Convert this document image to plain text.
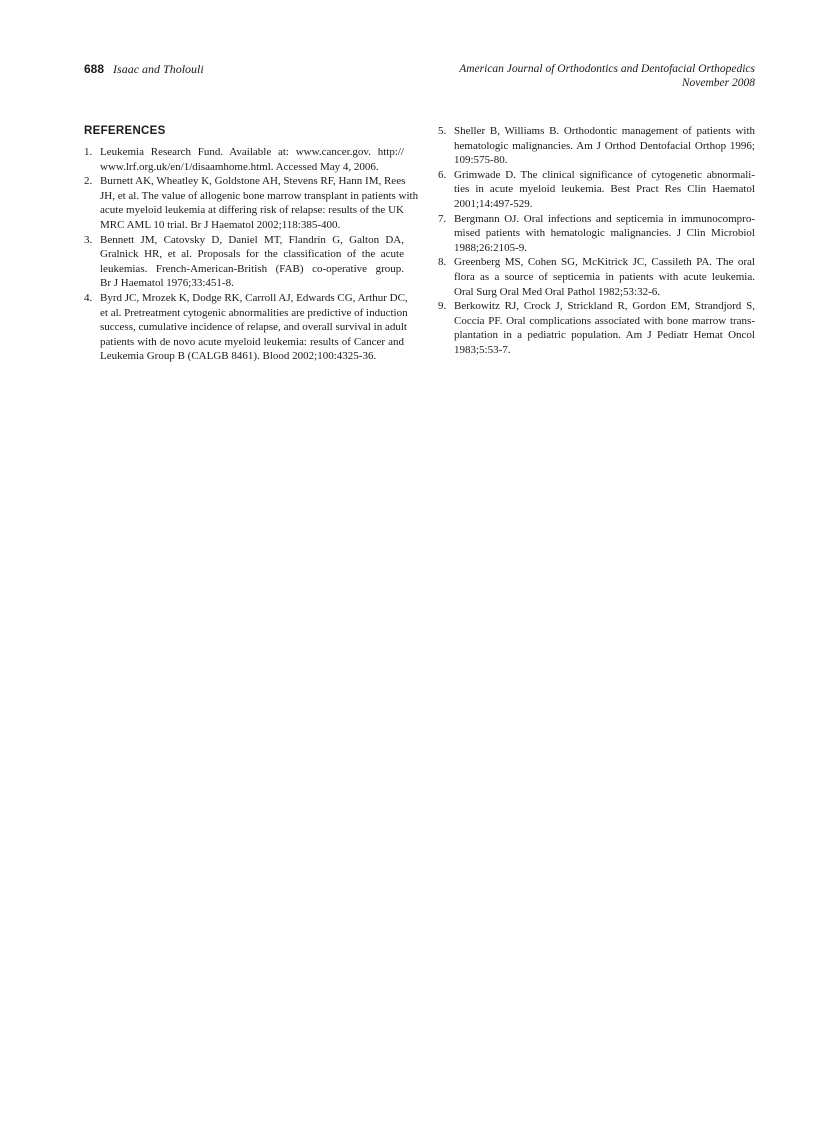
688 Isaac and Tholouli	American Journal of Orthodontics and Dentofacial Orthopedics
November 2008
REFERENCES
1. Leukemia Research Fund. Available at: www.cancer.gov. http://
www.lrf.org.uk/en/1/disaamhome.html. Accessed May 4, 2006.
2. Burnett AK, Wheatley K, Goldstone AH, Stevens RF, Hann IM, Rees
JH, et al. The value of allogenic bone marrow transplant in patients with
acute myeloid leukemia at differing risk of relapse: results of the UK
MRC AML 10 trial. Br J Haematol 2002;118:385-400.
3. Bennett JM, Catovsky D, Daniel MT, Flandrin G, Galton DA,
Gralnick HR, et al. Proposals for the classification of the acute
leukemias. French-American-British (FAB) co-operative group.
Br J Haematol 1976;33:451-8.
4. Byrd JC, Mrozek K, Dodge RK, Carroll AJ, Edwards CG, Arthur DC,
et al. Pretreatment cytogenic abnormalities are predictive of induction
success, cumulative incidence of relapse, and overall survival in adult
patients with de novo acute myeloid leukemia: results of Cancer and
Leukemia Group B (CALGB 8461). Blood 2002;100:4325-36.
5. Sheller B, Williams B. Orthodontic management of patients with
hematologic malignancies. Am J Orthod Dentofacial Orthop 1996;
109:575-80.
6. Grimwade D. The clinical significance of cytogenetic abnormali-
ties in acute myeloid leukemia. Best Pract Res Clin Haematol
2001;14:497-529.
7. Bergmann OJ. Oral infections and septicemia in immunocompro-
mised patients with hematologic malignancies. J Clin Microbiol
1988;26:2105-9.
8. Greenberg MS, Cohen SG, McKitrick JC, Cassileth PA. The oral
flora as a source of septicemia in patients with acute leukemia.
Oral Surg Oral Med Oral Pathol 1982;53:32-6.
9. Berkowitz RJ, Crock J, Strickland R, Gordon EM, Strandjord S,
Coccia PF. Oral complications associated with bone marrow trans-
plantation in a pediatric population. Am J Pediatr Hemat Oncol
1983;5:53-7.
